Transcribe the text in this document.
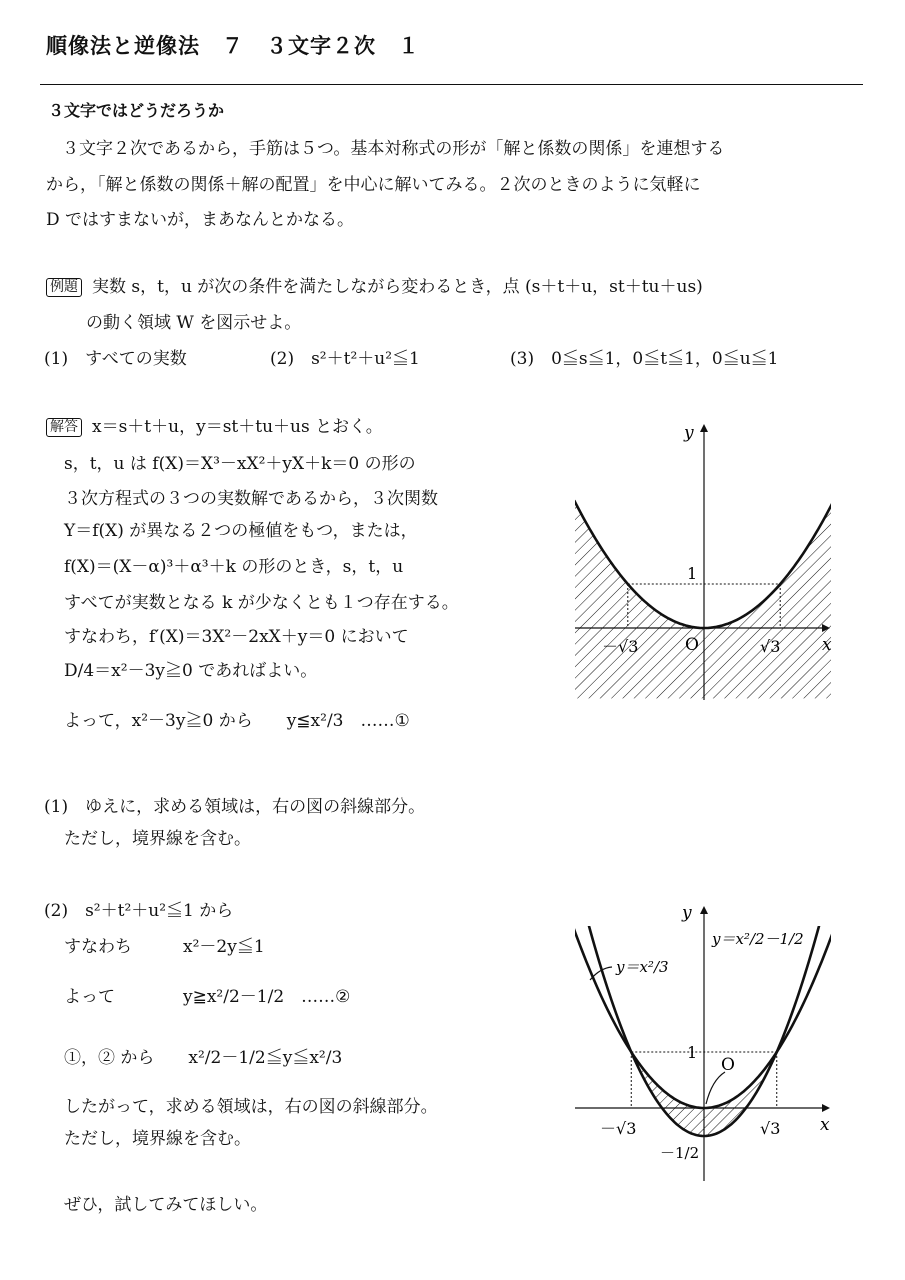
順像法と逆像法　７　３文字２次　１
３文字ではどうだろうか
３文字２次であるから，手筋は５つ。基本対称式の形が「解と係数の関係」を連想する
から，「解と係数の関係＋解の配置」を中心に解いてみる。２次のときのように気軽に
D ではすまないが，まあなんとかなる。
例題 実数 s，t，u が次の条件を満たしながら変わるとき，点 (s＋t＋u，st＋tu＋us)
の動く領域 W を図示せよ。
(1)　すべての実数	(2)　s²＋t²＋u²≦1	(3)　0≦s≦1，0≦t≦1，0≦u≦1
解答 x＝s＋t＋u，y＝st＋tu＋us とおく。
s，t，u は f(X)＝X³－xX²＋yX＋k＝0 の形の
３次方程式の３つの実数解であるから，３次関数
Y＝f(X) が異なる２つの極値をもつ，または，
f(X)＝(X－α)³＋α³＋k の形のとき，s，t，u
すべてが実数となる k が少なくとも１つ存在する。
すなわち，f′(X)＝3X²－2xX＋y＝0 において
D/4＝x²－3y≧0 であればよい。
よって，x²－3y≧0 から　　y≦x²/3　……①
(1)　ゆえに，求める領域は，右の図の斜線部分。
ただし，境界線を含む。
(2)　s²＋t²＋u²≦1 から
すなわち　　　x²－2y≦1
よって　　　　y≧x²/2－1/2　……②
①，② から　　x²/2－1/2≦y≦x²/3
したがって，求める領域は，右の図の斜線部分。
ただし，境界線を含む。
ぜひ，試してみてほしい。
y
x
O
1
－√3	√3
y
x
O
1
－√3	√3
－1/2
y＝x²/3
y＝x²/2－1/2
